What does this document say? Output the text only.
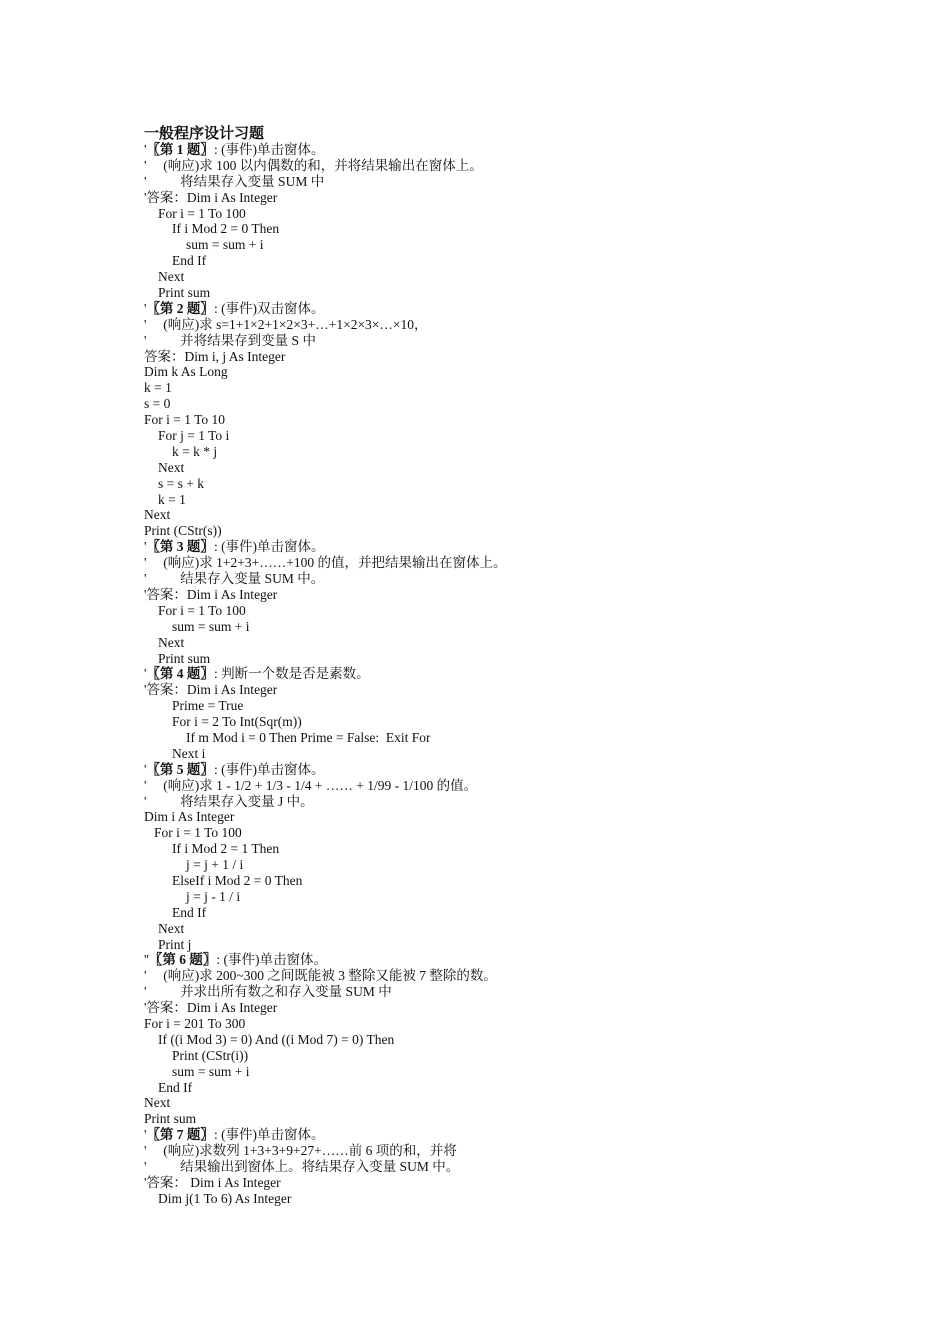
一般程序设计习题
'〖第 1 题〗: (事件)单击窗体。
'     (响应)求 100 以内偶数的和，并将结果输出在窗体上。
'          将结果存入变量 SUM 中
'答案：Dim i As Integer
For i = 1 To 100
If i Mod 2 = 0 Then
sum = sum + i
End If
Next
Print sum
'〖第 2 题〗: (事件)双击窗体。
'     (响应)求 s=1+1×2+1×2×3+…+1×2×3×…×10，
'          并将结果存到变量 S 中
答案：Dim i, j As Integer
Dim k As Long
k = 1
s = 0
For i = 1 To 10
For j = 1 To i
k = k * j
Next
s = s + k
k = 1
Next
Print (CStr(s))
'〖第 3 题〗: (事件)单击窗体。
'     (响应)求 1+2+3+……+100 的值，并把结果输出在窗体上。
'          结果存入变量 SUM 中。
'答案：Dim i As Integer
For i = 1 To 100
sum = sum + i
Next
Print sum
'〖第 4 题〗: 判断一个数是否是素数。
'答案：Dim i As Integer
Prime = True
For i = 2 To Int(Sqr(m))
If m Mod i = 0 Then Prime = False:  Exit For
Next i
'〖第 5 题〗: (事件)单击窗体。
'     (响应)求 1 - 1/2 + 1/3 - 1/4 + …… + 1/99 - 1/100 的值。
'          将结果存入变量 J 中。
Dim i As Integer
For i = 1 To 100
If i Mod 2 = 1 Then
j = j + 1 / i
ElseIf i Mod 2 = 0 Then
j = j - 1 / i
End If
Next
Print j
''〖第 6 题〗: (事件)单击窗体。
'     (响应)求 200~300 之间既能被 3 整除又能被 7 整除的数。
'          并求出所有数之和存入变量 SUM 中
'答案：Dim i As Integer
For i = 201 To 300
If ((i Mod 3) = 0) And ((i Mod 7) = 0) Then
Print (CStr(i))
sum = sum + i
End If
Next
Print sum
'〖第 7 题〗: (事件)单击窗体。
'     (响应)求数列 1+3+3+9+27+……前 6 项的和，并将
'          结果输出到窗体上。将结果存入变量 SUM 中。
'答案： Dim i As Integer
Dim j(1 To 6) As Integer
